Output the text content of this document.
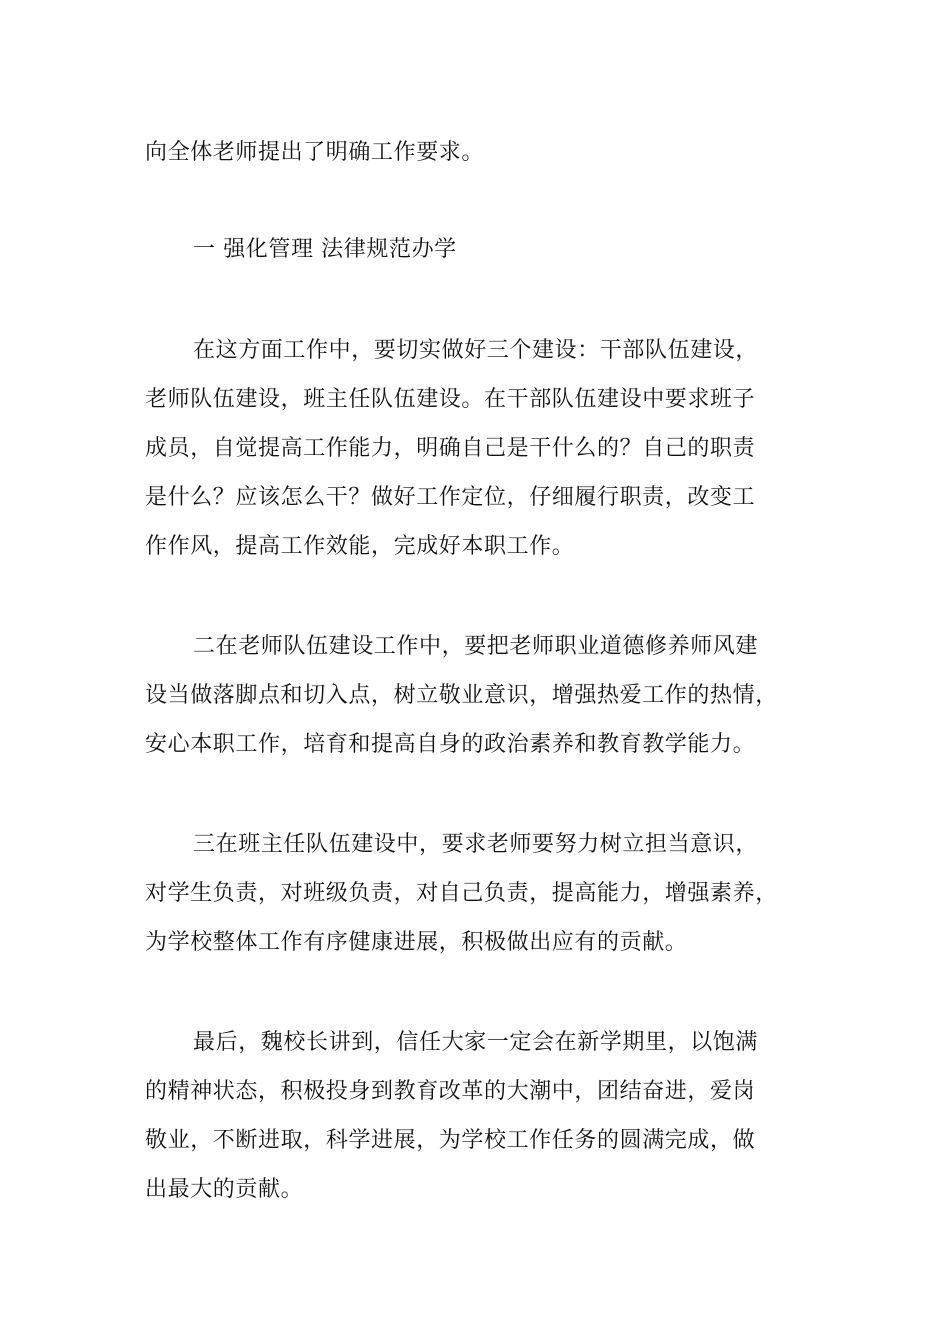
向全体老师提出了明确工作要求。
一 强化管理 法律规范办学
在这方面工作中，要切实做好三个建设：干部队伍建设，
老师队伍建设，班主任队伍建设。在干部队伍建设中要求班子
成员，自觉提高工作能力，明确自己是干什么的？自己的职责
是什么？应该怎么干？做好工作定位，仔细履行职责，改变工
作作风，提高工作效能，完成好本职工作。
二在老师队伍建设工作中，要把老师职业道德修养师风建
设当做落脚点和切入点，树立敬业意识，增强热爱工作的热情，
安心本职工作，培育和提高自身的政治素养和教育教学能力。
三在班主任队伍建设中，要求老师要努力树立担当意识，
对学生负责，对班级负责，对自己负责，提高能力，增强素养，
为学校整体工作有序健康进展，积极做出应有的贡献。
最后，魏校长讲到，信任大家一定会在新学期里，以饱满
的精神状态，积极投身到教育改革的大潮中，团结奋进，爱岗
敬业，不断进取，科学进展，为学校工作任务的圆满完成，做
出最大的贡献。
